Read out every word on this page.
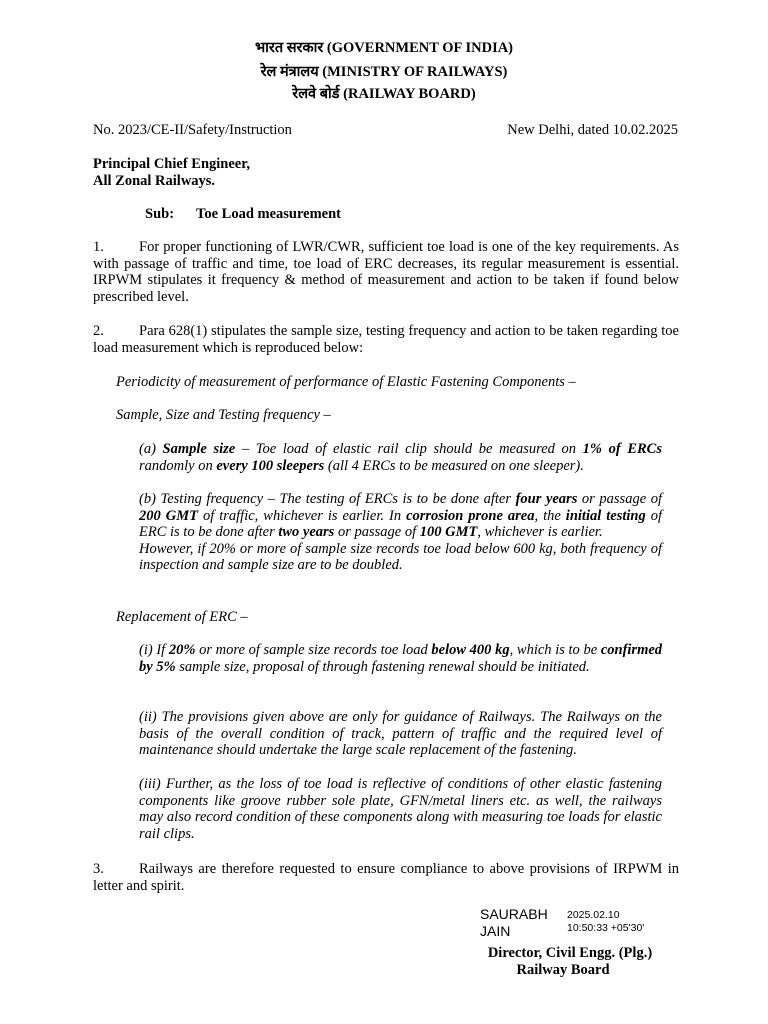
भारत सरकार (GOVERNMENT OF INDIA)
रेल मंत्रालय (MINISTRY OF RAILWAYS)
रेलवे बोर्ड (RAILWAY BOARD)
No. 2023/CE-II/Safety/Instruction	New Delhi, dated 10.02.2025
Principal Chief Engineer,
All Zonal Railways.
Sub: Toe Load measurement
1. For proper functioning of LWR/CWR, sufficient toe load is one of the key requirements. As with passage of traffic and time, toe load of ERC decreases, its regular measurement is essential. IRPWM stipulates it frequency & method of measurement and action to be taken if found below prescribed level.
2. Para 628(1) stipulates the sample size, testing frequency and action to be taken regarding toe load measurement which is reproduced below:
Periodicity of measurement of performance of Elastic Fastening Components –
Sample, Size and Testing frequency –
(a) Sample size – Toe load of elastic rail clip should be measured on 1% of ERCs randomly on every 100 sleepers (all 4 ERCs to be measured on one sleeper).
(b) Testing frequency – The testing of ERCs is to be done after four years or passage of 200 GMT of traffic, whichever is earlier. In corrosion prone area, the initial testing of ERC is to be done after two years or passage of 100 GMT, whichever is earlier.
However, if 20% or more of sample size records toe load below 600 kg, both frequency of inspection and sample size are to be doubled.
Replacement of ERC –
(i) If 20% or more of sample size records toe load below 400 kg, which is to be confirmed by 5% sample size, proposal of through fastening renewal should be initiated.
(ii) The provisions given above are only for guidance of Railways. The Railways on the basis of the overall condition of track, pattern of traffic and the required level of maintenance should undertake the large scale replacement of the fastening.
(iii) Further, as the loss of toe load is reflective of conditions of other elastic fastening components like groove rubber sole plate, GFN/metal liners etc. as well, the railways may also record condition of these components along with measuring toe loads for elastic rail clips.
3. Railways are therefore requested to ensure compliance to above provisions of IRPWM in letter and spirit.
SAURABH
JAIN
2025.02.10
10:50:33 +05'30'
Director, Civil Engg. (Plg.)
Railway Board
